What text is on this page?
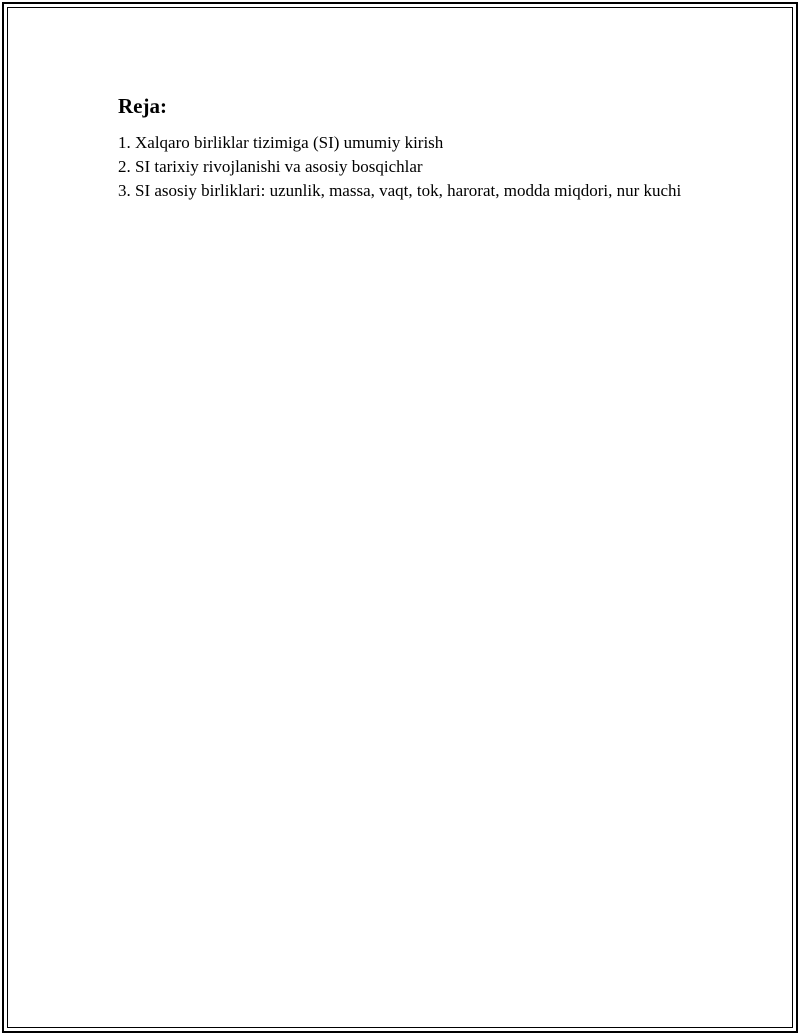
Reja:
1. Xalqaro birliklar tizimiga (SI) umumiy kirish
2. SI tarixiy rivojlanishi va asosiy bosqichlar
3. SI asosiy birliklari: uzunlik, massa, vaqt, tok, harorat, modda miqdori, nur kuchi
